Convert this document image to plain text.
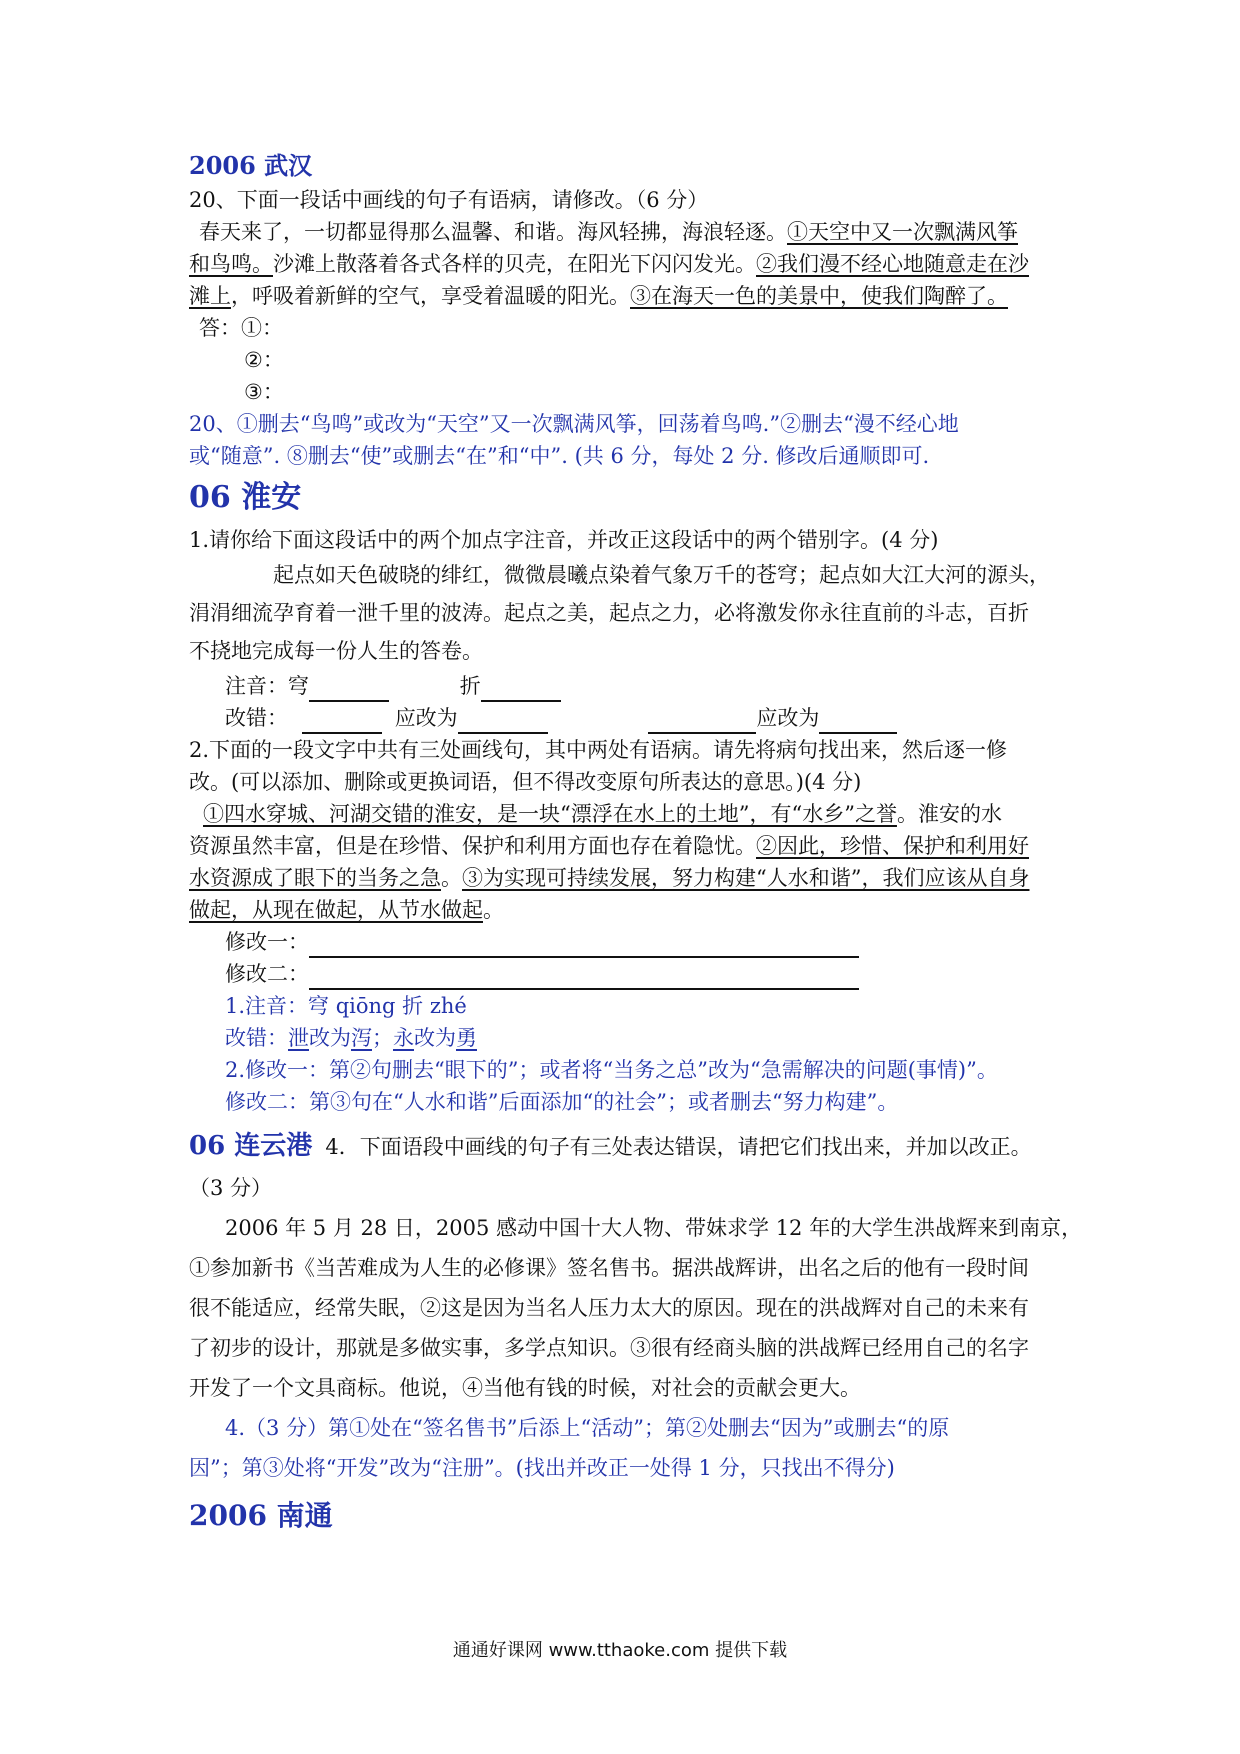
2006 武汉
20、下面一段话中画线的句子有语病，请修改。（6 分）
春天来了，一切都显得那么温馨、和谐。海风轻拂，海浪轻逐。①天空中又一次飘满风筝
和鸟鸣。沙滩上散落着各式各样的贝壳，在阳光下闪闪发光。②我们漫不经心地随意走在沙
滩上，呼吸着新鲜的空气，享受着温暖的阳光。③在海天一色的美景中，使我们陶醉了。
答：①：
②：
③：
20、①删去“鸟鸣”或改为“天空”又一次飘满风筝，回荡着鸟鸣.”②删去“漫不经心地
或“随意”. ⑧删去“使”或删去“在”和“中”. (共 6 分，每处 2 分. 修改后通顺即可.
06 淮安
1.请你给下面这段话中的两个加点字注音，并改正这段话中的两个错别字。(4 分)
起点如天色破晓的绯红，微微晨曦点染着气象万千的苍穹；起点如大江大河的源头，
涓涓细流孕育着一泄千里的波涛。起点之美，起点之力，必将激发你永往直前的斗志，百折
不挠地完成每一份人生的答卷。
注音：穹	折
改错：	应改为	应改为
2.下面的一段文字中共有三处画线句，其中两处有语病。请先将病句找出来，然后逐一修
改。(可以添加、删除或更换词语，但不得改变原句所表达的意思。)(4 分)
①四水穿城、河湖交错的淮安，是一块“漂浮在水上的土地”，有“水乡”之誉。淮安的水
资源虽然丰富，但是在珍惜、保护和利用方面也存在着隐忧。②因此，珍惜、保护和利用好
水资源成了眼下的当务之急。③为实现可持续发展，努力构建“人水和谐”，我们应该从自身
做起，从现在做起，从节水做起。
修改一：
修改二：
1.注音：穹 qiōng 折 zhé
改错：泄改为泻；永改为勇
2.修改一：第②句删去“眼下的”；或者将“当务之总”改为“急需解决的问题(事情)”。
修改二：第③句在“人水和谐”后面添加“的社会”；或者删去“努力构建”。
06 连云港 4．下面语段中画线的句子有三处表达错误，请把它们找出来，并加以改正。
（3 分）
2006 年 5 月 28 日，2005 感动中国十大人物、带妹求学 12 年的大学生洪战辉来到南京，
①参加新书《当苦难成为人生的必修课》签名售书。据洪战辉讲，出名之后的他有一段时间
很不能适应，经常失眠，②这是因为当名人压力太大的原因。现在的洪战辉对自己的未来有
了初步的设计，那就是多做实事，多学点知识。③很有经商头脑的洪战辉已经用自己的名字
开发了一个文具商标。他说，④当他有钱的时候，对社会的贡献会更大。
4.（3 分）第①处在“签名售书”后添上“活动”；第②处删去“因为”或删去“的原
因”；第③处将“开发”改为“注册”。(找出并改正一处得 1 分，只找出不得分)
2006 南通
通通好课网 www.tthaoke.com 提供下载
